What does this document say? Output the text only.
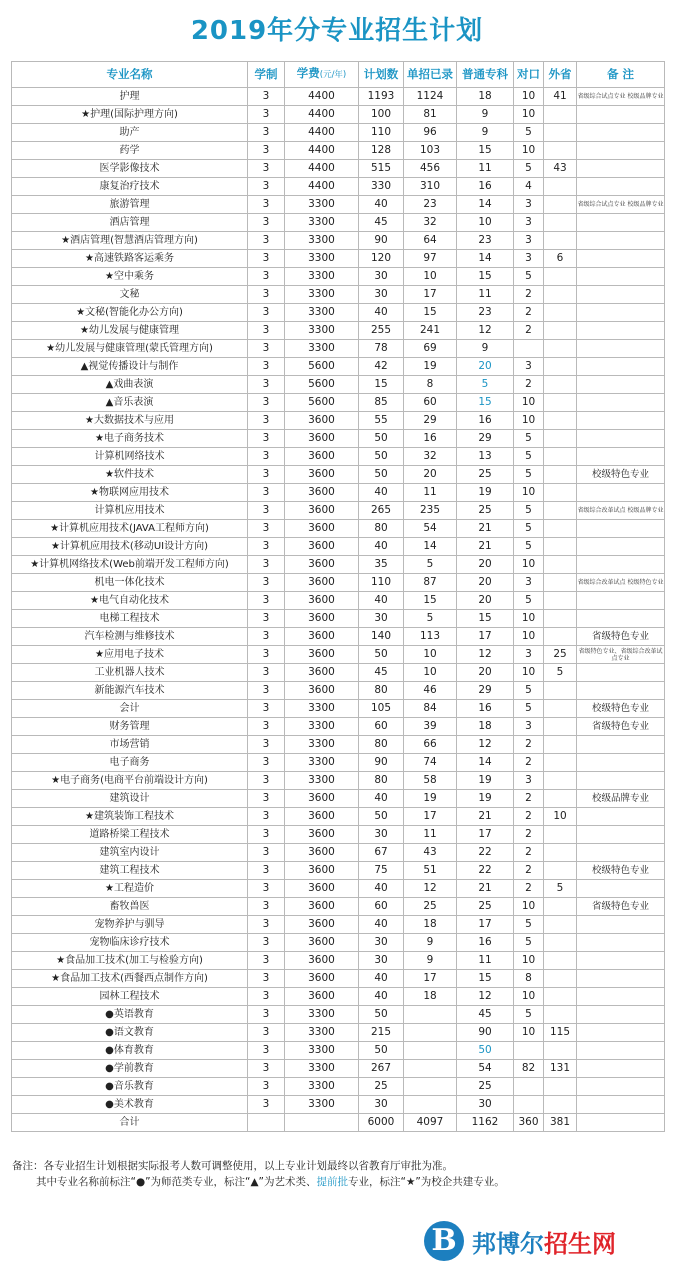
2019年分专业招生计划
专业名称	学制	学费(元/年)	计划数	单招已录	普通专科	对口	外省	备 注
护理	3	4400	1193	1124	18	10	41	省级综合试点专业 校级品牌专业
★护理(国际护理方向)	3	4400	100	81	9	10		
助产	3	4400	110	96	9	5		
药学	3	4400	128	103	15	10		
医学影像技术	3	4400	515	456	11	5	43	
康复治疗技术	3	4400	330	310	16	4		
旅游管理	3	3300	40	23	14	3		省级综合试点专业 校级品牌专业
酒店管理	3	3300	45	32	10	3		
★酒店管理(智慧酒店管理方向)	3	3300	90	64	23	3		
★高速铁路客运乘务	3	3300	120	97	14	3	6	
★空中乘务	3	3300	30	10	15	5		
文秘	3	3300	30	17	11	2		
★文秘(智能化办公方向)	3	3300	40	15	23	2		
★幼儿发展与健康管理	3	3300	255	241	12	2		
★幼儿发展与健康管理(蒙氏管理方向)	3	3300	78	69	9			
▲视觉传播设计与制作	3	5600	42	19	20	3		
▲戏曲表演	3	5600	15	8	5	2		
▲音乐表演	3	5600	85	60	15	10		
★大数据技术与应用	3	3600	55	29	16	10		
★电子商务技术	3	3600	50	16	29	5		
计算机网络技术	3	3600	50	32	13	5		
★软件技术	3	3600	50	20	25	5		校级特色专业
★物联网应用技术	3	3600	40	11	19	10		
计算机应用技术	3	3600	265	235	25	5		省级综合改革试点 校级品牌专业
★计算机应用技术(JAVA工程师方向)	3	3600	80	54	21	5		
★计算机应用技术(移动UI设计方向)	3	3600	40	14	21	5		
★计算机网络技术(Web前端开发工程师方向)	3	3600	35	5	20	10		
机电一体化技术	3	3600	110	87	20	3		省级综合改革试点 校级特色专业
★电气自动化技术	3	3600	40	15	20	5		
电梯工程技术	3	3600	30	5	15	10		
汽车检测与维修技术	3	3600	140	113	17	10		省级特色专业
★应用电子技术	3	3600	50	10	12	3	25	省级特色专业、省级综合改革试点专业
工业机器人技术	3	3600	45	10	20	10	5	
新能源汽车技术	3	3600	80	46	29	5		
会计	3	3300	105	84	16	5		校级特色专业
财务管理	3	3300	60	39	18	3		省级特色专业
市场营销	3	3300	80	66	12	2		
电子商务	3	3300	90	74	14	2		
★电子商务(电商平台前端设计方向)	3	3300	80	58	19	3		
建筑设计	3	3600	40	19	19	2		校级品牌专业
★建筑装饰工程技术	3	3600	50	17	21	2	10	
道路桥梁工程技术	3	3600	30	11	17	2		
建筑室内设计	3	3600	67	43	22	2		
建筑工程技术	3	3600	75	51	22	2		校级特色专业
★工程造价	3	3600	40	12	21	2	5	
畜牧兽医	3	3600	60	25	25	10		省级特色专业
宠物养护与驯导	3	3600	40	18	17	5		
宠物临床诊疗技术	3	3600	30	9	16	5		
★食品加工技术(加工与检验方向)	3	3600	30	9	11	10		
★食品加工技术(西餐西点制作方向)	3	3600	40	17	15	8		
园林工程技术	3	3600	40	18	12	10		
●英语教育	3	3300	50		45	5		
●语文教育	3	3300	215		90	10	115	
●体育教育	3	3300	50		50			
●学前教育	3	3300	267		54	82	131	
●音乐教育	3	3300	25		25			
●美术教育	3	3300	30		30			
合计			6000	4097	1162	360	381	
备注：各专业招生计划根据实际报考人数可调整使用，以上专业计划最终以省教育厅审批为准。
其中专业名称前标注“●”为师范类专业，标注“▲”为艺术类、提前批专业，标注“★”为校企共建专业。
B 邦博尔招生网
